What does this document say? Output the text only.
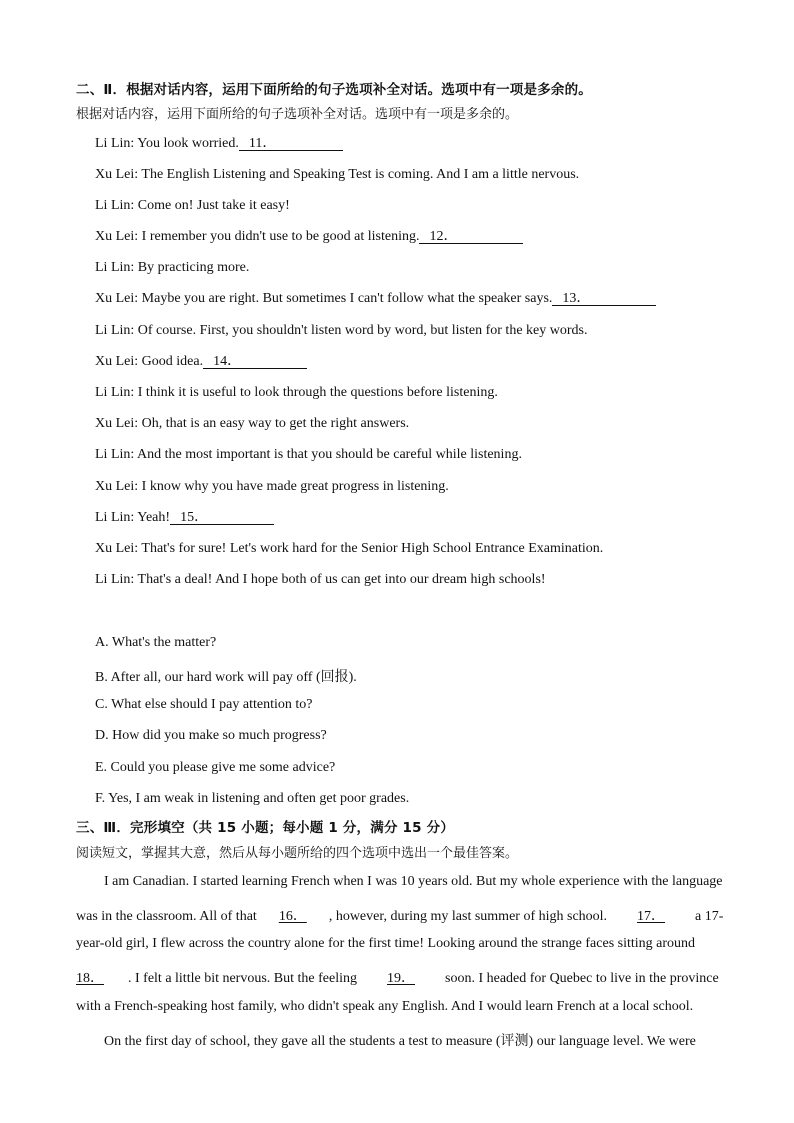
二、Ⅱ．根据对话内容，运用下面所给的句子选项补全对话。选项中有一项是多余的。
根据对话内容，运用下面所给的句子选项补全对话。选项中有一项是多余的。
Li Lin: You look worried. 11．
Xu Lei: The English Listening and Speaking Test is coming. And I am a little nervous.
Li Lin: Come on! Just take it easy!
Xu Lei: I remember you didn't use to be good at listening. 12．
Li Lin: By practicing more.
Xu Lei: Maybe you are right. But sometimes I can't follow what the speaker says. 13．
Li Lin: Of course. First, you shouldn't listen word by word, but listen for the key words.
Xu Lei: Good idea. 14．
Li Lin: I think it is useful to look through the questions before listening.
Xu Lei: Oh, that is an easy way to get the right answers.
Li Lin: And the most important is that you should be careful while listening.
Xu Lei: I know why you have made great progress in listening.
Li Lin: Yeah! 15．
Xu Lei: That's for sure! Let's work hard for the Senior High School Entrance Examination.
Li Lin: That's a deal! And I hope both of us can get into our dream high schools!
A. What's the matter?
B. After all, our hard work will pay off (回报).
C. What else should I pay attention to?
D. How did you make so much progress?
E. Could you please give me some advice?
F. Yes, I am weak in listening and often get poor grades.
三、Ⅲ．完形填空（共 15 小题；每小题 1 分，满分 15 分）
阅读短文，掌握其大意，然后从每小题所给的四个选项中选出一个最佳答案。
I am Canadian. I started learning French when I was 10 years old. But my whole experience with the language
was in the classroom. All of that 16． , however, during my last summer of high school. 17． a 17-
year-old girl, I flew across the country alone for the first time! Looking around the strange faces sitting around
18． . I felt a little bit nervous. But the feeling 19． soon. I headed for Quebec to live in the province
with a French-speaking host family, who didn't speak any English. And I would learn French at a local school.
On the first day of school, they gave all the students a test to measure (评测) our language level. We were
